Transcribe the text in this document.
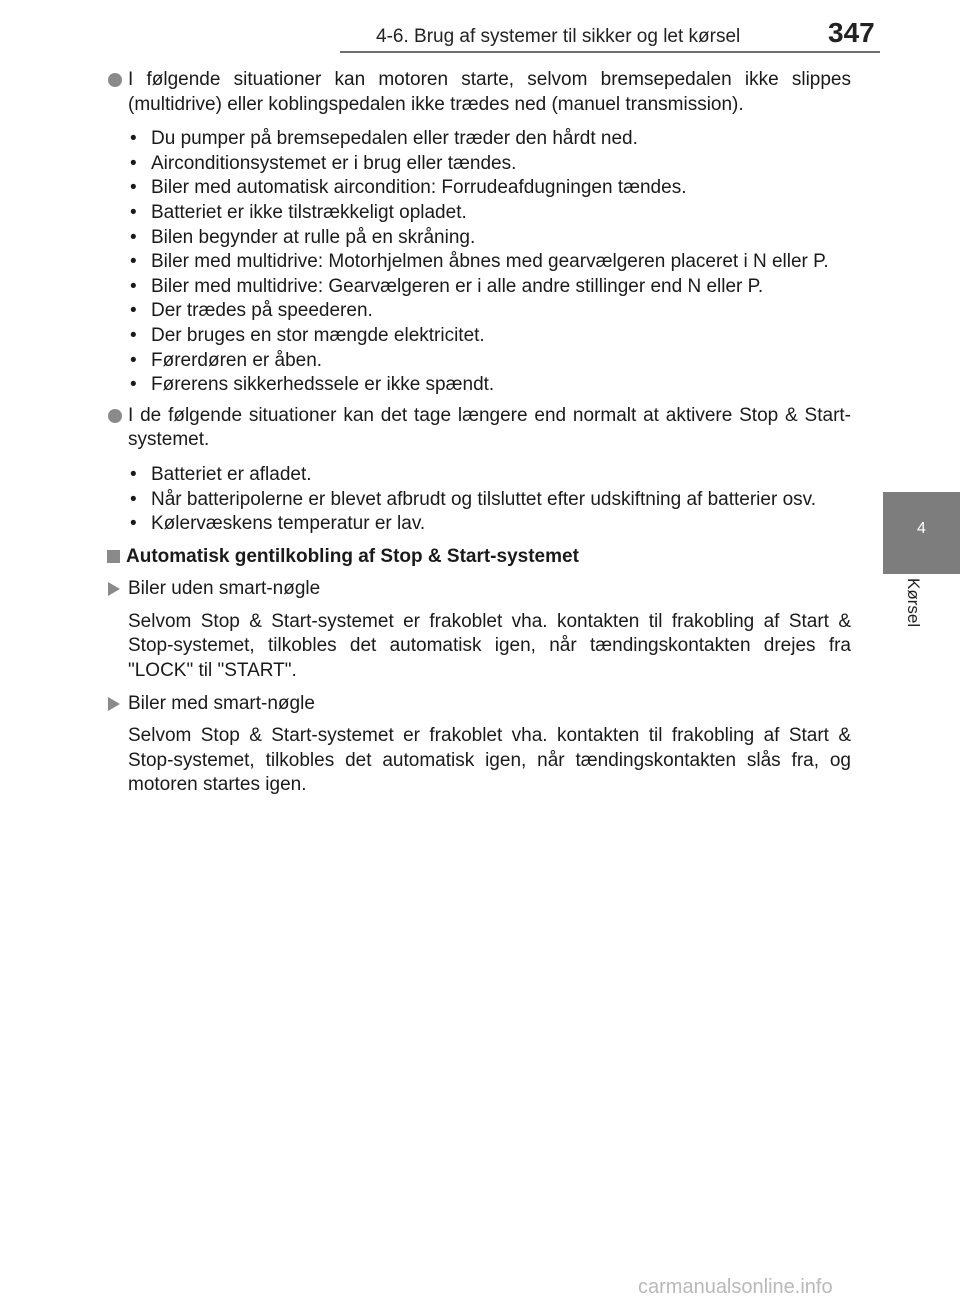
4-6. Brug af systemer til sikker og let kørsel	347
4
Kørsel
I følgende situationer kan motoren starte, selvom bremsepedalen ikke slippes (multidrive) eller koblingspedalen ikke trædes ned (manuel transmission).
• Du pumper på bremsepedalen eller træder den hårdt ned.
• Airconditionsystemet er i brug eller tændes.
• Biler med automatisk aircondition: Forrudeafdugningen tændes.
• Batteriet er ikke tilstrækkeligt opladet.
• Bilen begynder at rulle på en skråning.
• Biler med multidrive: Motorhjelmen åbnes med gearvælgeren placeret i N eller P.
• Biler med multidrive: Gearvælgeren er i alle andre stillinger end N eller P.
• Der trædes på speederen.
• Der bruges en stor mængde elektricitet.
• Førerdøren er åben.
• Førerens sikkerhedssele er ikke spændt.
I de følgende situationer kan det tage længere end normalt at aktivere Stop & Start-systemet.
• Batteriet er afladet.
• Når batteripolerne er blevet afbrudt og tilsluttet efter udskiftning af batterier osv.
• Kølervæskens temperatur er lav.
Automatisk gentilkobling af Stop & Start-systemet
Biler uden smart-nøgle
Selvom Stop & Start-systemet er frakoblet vha. kontakten til frakobling af Start & Stop-systemet, tilkobles det automatisk igen, når tændingskontakten drejes fra "LOCK" til "START".
Biler med smart-nøgle
Selvom Stop & Start-systemet er frakoblet vha. kontakten til frakobling af Start & Stop-systemet, tilkobles det automatisk igen, når tændingskontakten slås fra, og motoren startes igen.
carmanualsonline.info
